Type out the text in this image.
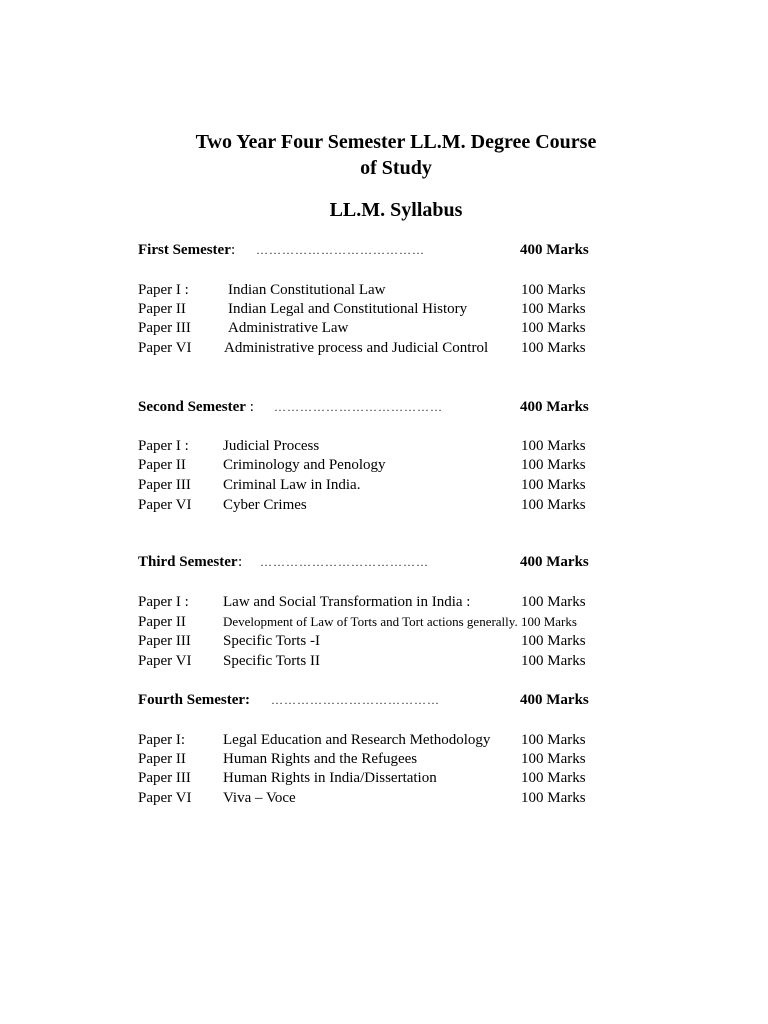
Two Year Four Semester LL.M. Degree Course
of Study
LL.M. Syllabus
First Semester : …………………………………	400 Marks
Paper I :	Indian Constitutional Law	100 Marks
Paper II	Indian Legal and Constitutional History	100 Marks
Paper III Administrative Law	100 Marks
Paper VI Administrative process and Judicial Control 100 Marks
Second Semester : …………………………………	400 Marks
Paper I : Judicial Process	100 Marks
Paper II Criminology and Penology	100 Marks
Paper III Criminal Law in India.	100 Marks
Paper VI Cyber Crimes	100 Marks
Third Semester : …………………………………	400 Marks
Paper I : Law and Social Transformation in India :	100 Marks
Paper II	Development of Law of Torts and Tort actions generally. 100 Marks
Paper III Specific Torts -I	100 Marks
Paper VI Specific Torts II	100 Marks
Fourth Semester: …………………………………	400 Marks
Paper I:	Legal Education and Research Methodology 100 Marks
Paper II Human Rights and the Refugees	100 Marks
Paper III Human Rights in India/Dissertation	100 Marks
Paper VI Viva – Voce	100 Marks
